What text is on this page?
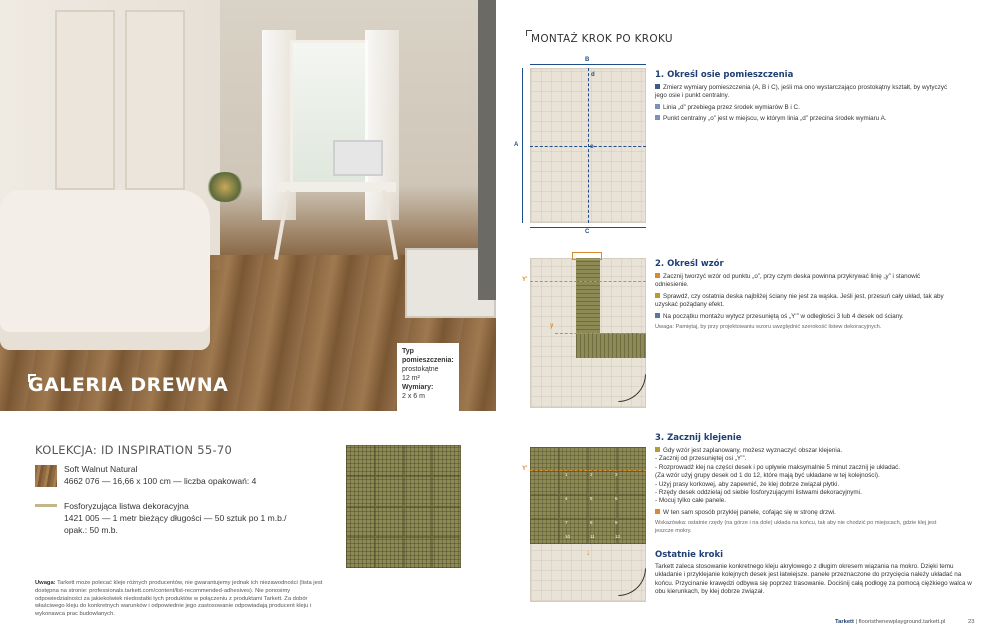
GALERIA DREWNA
Typ pomieszczenia:
prostokątne
12 m²
Wymiary:
2 x 6 m
KOLEKCJA: ID INSPIRATION 55-70
Soft Walnut Natural
4662 076 — 16,66 x 100 cm — liczba opakowań: 4
Fosforyzująca listwa dekoracyjna
1421 005 — 1 metr bieżący długości — 50 sztuk po 1 m.b./
opak.: 50 m.b.
Uwaga: Tarkett może polecać kleje różnych producentów, nie gwarantujemy jednak ich niezawodności (lista jest dostępna na stronie: professionals.tarkett.com/content/list-recommended-adhesives). Nie ponosimy odpowiedzialności za jakiekolwiek niedostatki tych produktów w połączeniu z produktami Tarkett. Za dobór właściwego kleju do konkretnych warunków i odpowiednie jego zastosowanie odpowiadają producent kleju i wykonawca prac budowlanych.
MONTAŻ KROK PO KROKU
B
A
C
d
o
1. Określ osie pomieszczenia
Zmierz wymiary pomieszczenia (A, B i C), jeśli ma ono wystarczająco prostokątny kształt, by wytyczyć jego osie i punkt centralny.
Linia „d” przebiega przez środek wymiarów B i C.
Punkt centralny „o” jest w miejscu, w którym linia „d” przecina środek wymiaru A.
Y'
y
2. Określ wzór
Zacznij tworzyć wzór od punktu „o”, przy czym deska powinna przykrywać linię „y” i stanowić odniesienie.
Sprawdź, czy ostatnia deska najbliżej ściany nie jest za wąska. Jeśli jest, przesuń cały układ, tak aby uzyskać pożądany efekt.
Na początku montażu wytycz przesuniętą oś „Y’” w odległości 3 lub 4 desek od ściany.
Uwaga: Pamiętaj, by przy projektowaniu wzoru uwzględnić szerokość listew dekoracyjnych.
1	2	3
4	5	6
7	8	9
10	11	12
Y'
↓
3. Zacznij klejenie
Gdy wzór jest zaplanowany, możesz wyznaczyć obszar klejenia.
- Zacznij od przesuniętej osi „Y’”.
- Rozprowadź klej na części desek i po upływie maksymalnie 5 minut zacznij je układać.
(Za wzór użyj grupy desek od 1 do 12, które mają być układane w tej kolejności).
- Użyj prasy korkowej, aby zapewnić, że klej dobrze związał płytki.
- Rzędy desek oddzielaj od siebie fosforyzującymi listwami dekoracyjnymi.
- Mocuj tylko całe panele.
W ten sam sposób przyklej panele, cofając się w stronę drzwi.
Wskazówka: ostatnie rzędy (na górze i na dole) układa na końcu, tak aby nie chodzić po miejscach, gdzie klej jest jeszcze mokry.
Ostatnie kroki
Tarkett zaleca stosowanie konkretnego kleju akrylowego z długim okresem wiązania na mokro. Dzięki temu układanie i przyklejanie kolejnych desek jest łatwiejsze. panele przeznaczone do przycięcia należy układać na końcu. Przycinanie krawędzi odbywa się poprzez trasowanie. Dociśnij całą podłogę za pomocą ciężkiego walca w obu kierunkach, by klej dobrze związał.
Tarkett | flooristhenewplayground.tarkett.pl	23
